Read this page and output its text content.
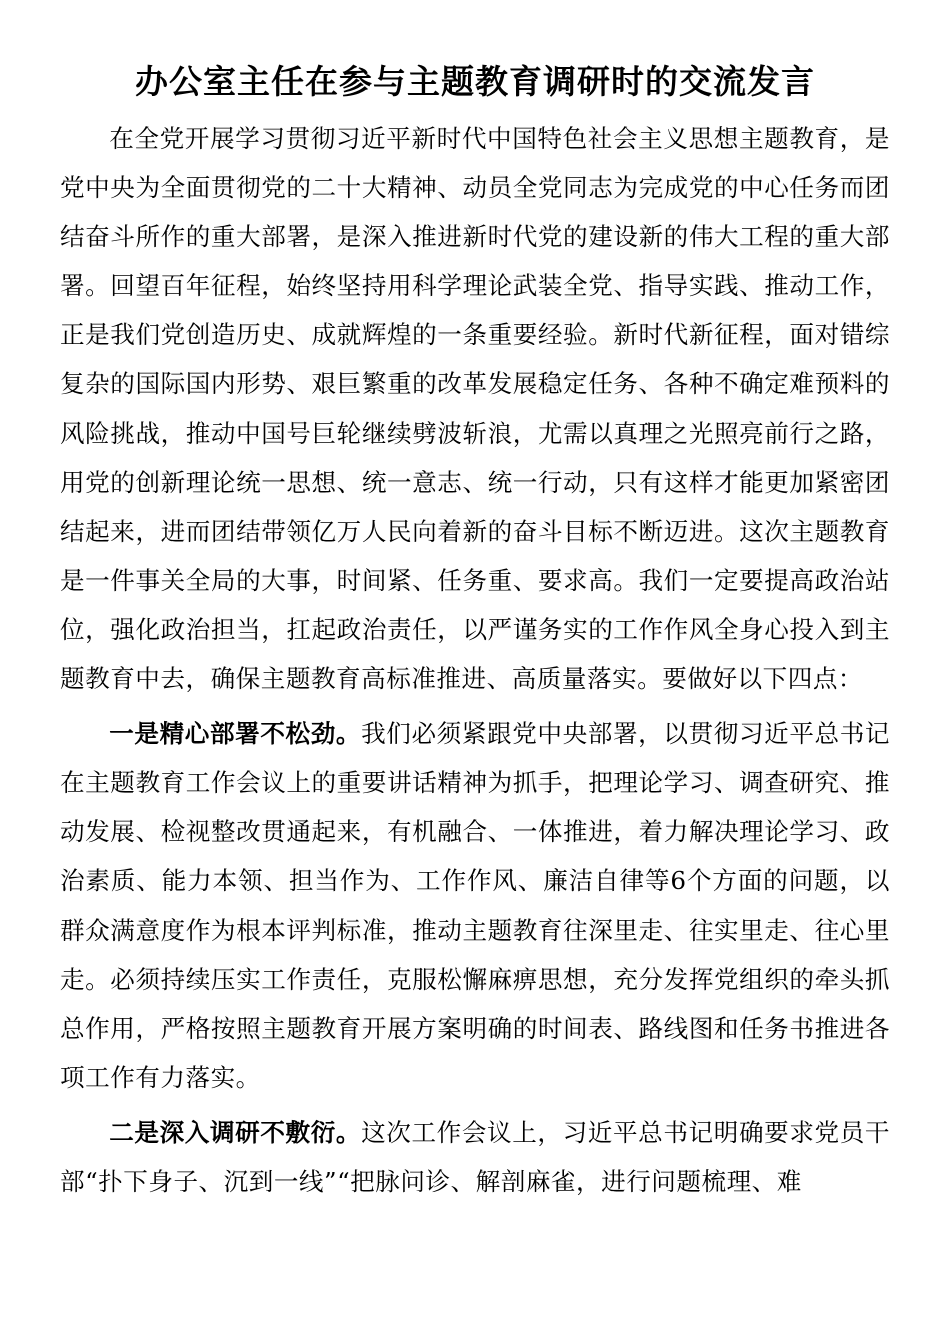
办公室主任在参与主题教育调研时的交流发言

在全党开展学习贯彻习近平新时代中国特色社会主义思想主题教育，是党中央为全面贯彻党的二十大精神、动员全党同志为完成党的中心任务而团结奋斗所作的重大部署，是深入推进新时代党的建设新的伟大工程的重大部署。回望百年征程，始终坚持用科学理论武装全党、指导实践、推动工作，正是我们党创造历史、成就辉煌的一条重要经验。新时代新征程，面对错综复杂的国际国内形势、艰巨繁重的改革发展稳定任务、各种不确定难预料的风险挑战，推动中国号巨轮继续劈波斩浪，尤需以真理之光照亮前行之路，用党的创新理论统一思想、统一意志、统一行动，只有这样才能更加紧密团结起来，进而团结带领亿万人民向着新的奋斗目标不断迈进。这次主题教育是一件事关全局的大事，时间紧、任务重、要求高。我们一定要提高政治站位，强化政治担当，扛起政治责任，以严谨务实的工作作风全身心投入到主题教育中去，确保主题教育高标准推进、高质量落实。要做好以下四点：

一是精心部署不松劲。我们必须紧跟党中央部署，以贯彻习近平总书记在主题教育工作会议上的重要讲话精神为抓手，把理论学习、调查研究、推动发展、检视整改贯通起来，有机融合、一体推进，着力解决理论学习、政治素质、能力本领、担当作为、工作作风、廉洁自律等6个方面的问题，以群众满意度作为根本评判标准，推动主题教育往深里走、往实里走、往心里走。必须持续压实工作责任，克服松懈麻痹思想，充分发挥党组织的牵头抓总作用，严格按照主题教育开展方案明确的时间表、路线图和任务书推进各项工作有力落实。

二是深入调研不敷衍。这次工作会议上，习近平总书记明确要求党员干部“扑下身子、沉到一线”“把脉问诊、解剖麻雀，进行问题梳理、难
